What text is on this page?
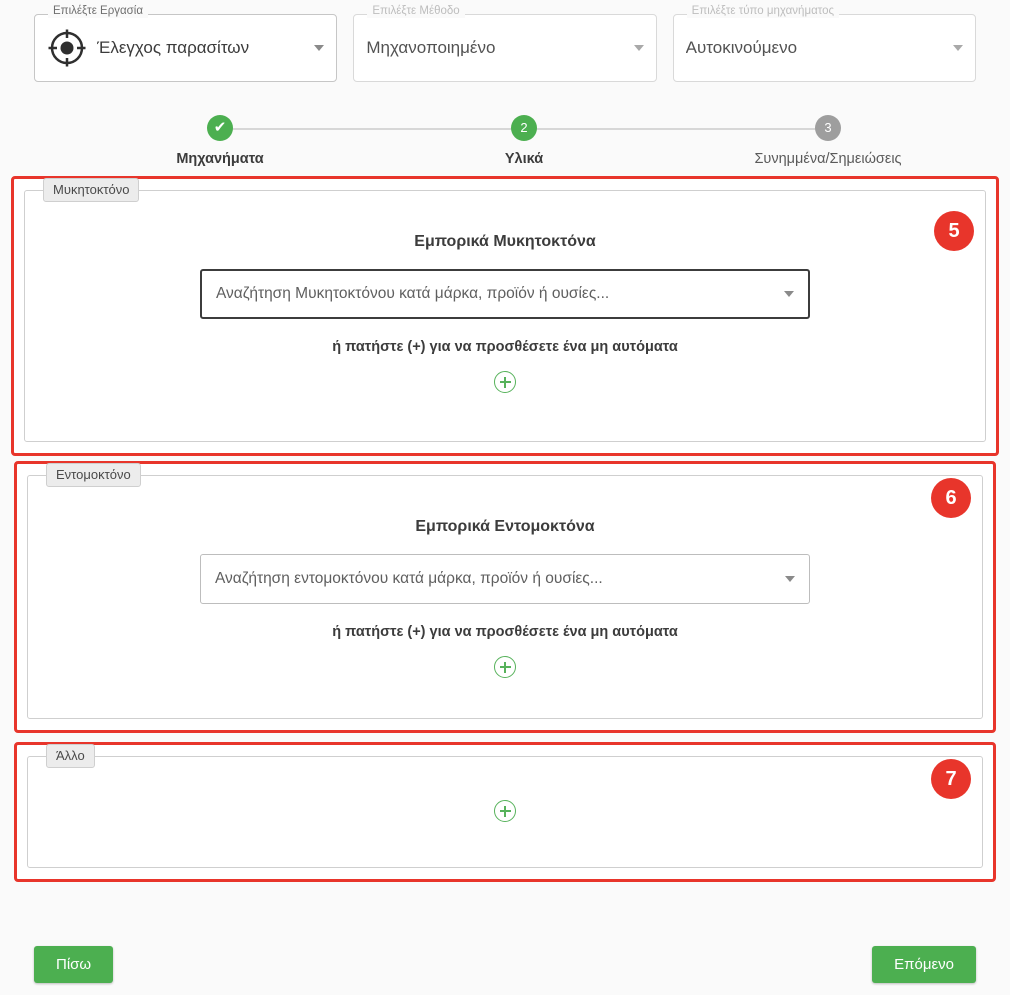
Επιλέξτε Εργασία
Έλεγχος παρασίτων
Επιλέξτε Μέθοδο
Μηχανοποιημένο
Επιλέξτε τύπο μηχανήματος
Αυτοκινούμενο
✔
Μηχανήματα
2
Υλικά
3
Συνημμένα/Σημειώσεις
5
Μυκητοκτόνο
Εμπορικά Μυκητοκτόνα
Αναζήτηση Μυκητοκτόνου κατά μάρκα, προϊόν ή ουσίες...
ή πατήστε (+) για να προσθέσετε ένα μη αυτόματα
6
Εντομοκτόνο
Εμπορικά Εντομοκτόνα
Αναζήτηση εντομοκτόνου κατά μάρκα, προϊόν ή ουσίες...
ή πατήστε (+) για να προσθέσετε ένα μη αυτόματα
7
Άλλο
Πίσω	Επόμενο
